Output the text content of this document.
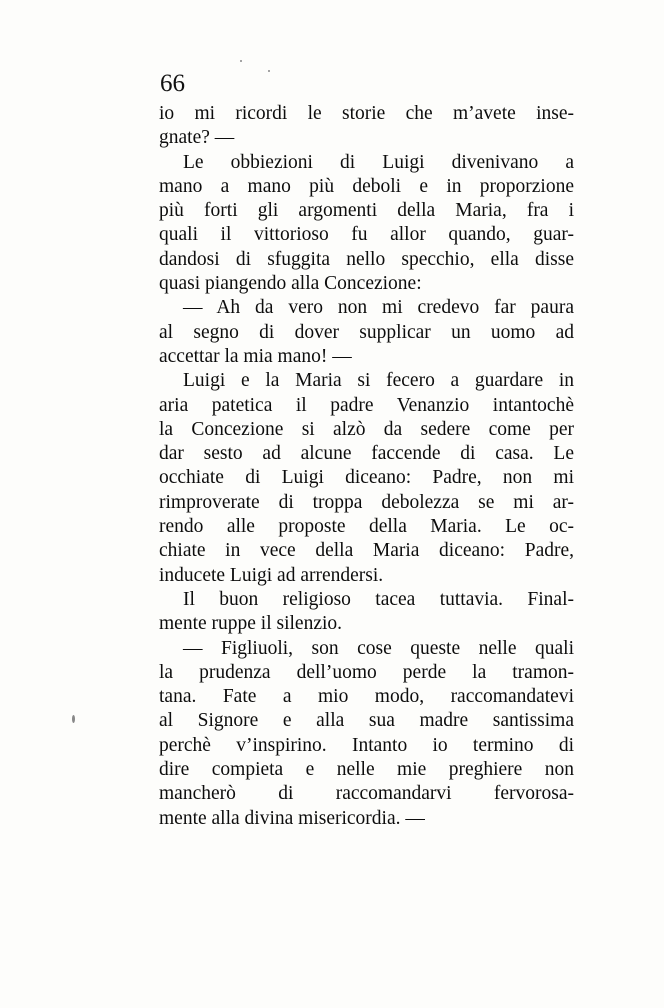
66
io mi ricordi le storie che m’avete inse-
gnate? —
Le obbiezioni di Luigi divenivano a
mano a mano più deboli e in proporzione
più forti gli argomenti della Maria, fra i
quali il vittorioso fu allor quando, guar-
dandosi di sfuggita nello specchio, ella disse
quasi piangendo alla Concezione:
— Ah da vero non mi credevo far paura
al segno di dover supplicar un uomo ad
accettar la mia mano! —
Luigi e la Maria si fecero a guardare in
aria patetica il padre Venanzio intantochè
la Concezione si alzò da sedere come per
dar sesto ad alcune faccende di casa. Le
occhiate di Luigi diceano: Padre, non mi
rimproverate di troppa debolezza se mi ar-
rendo alle proposte della Maria. Le oc-
chiate in vece della Maria diceano: Padre,
inducete Luigi ad arrendersi.
Il buon religioso tacea tuttavia. Final-
mente ruppe il silenzio.
— Figliuoli, son cose queste nelle quali
la prudenza dell’uomo perde la tramon-
tana. Fate a mio modo, raccomandatevi
al Signore e alla sua madre santissima
perchè v’inspirino. Intanto io termino di
dire compieta e nelle mie preghiere non
mancherò di raccomandarvi fervorosa-
mente alla divina misericordia. —
